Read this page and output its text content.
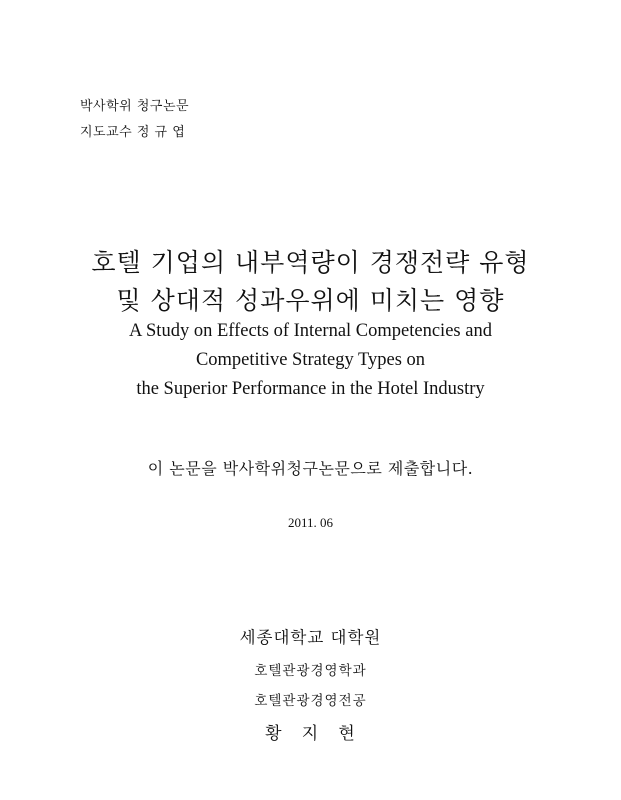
박사학위 청구논문
지도교수 정 규 엽
호텔 기업의 내부역량이 경쟁전략 유형
및 상대적 성과우위에 미치는 영향
A Study on Effects of Internal Competencies and
Competitive Strategy Types on
the Superior Performance in the Hotel Industry
이 논문을 박사학위청구논문으로 제출합니다.
2011. 06
세종대학교 대학원
호텔관광경영학과
호텔관광경영전공
황   지   현
